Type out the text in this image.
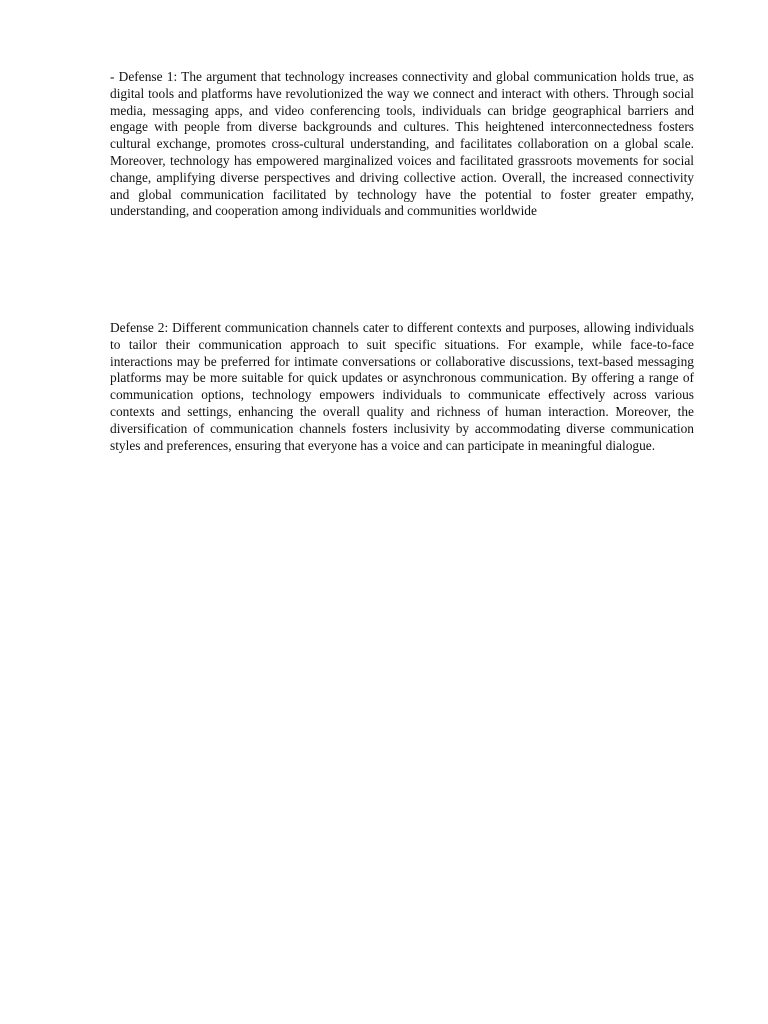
- Defense 1: The argument that technology increases connectivity and global communication holds true, as digital tools and platforms have revolutionized the way we connect and interact with others. Through social media, messaging apps, and video conferencing tools, individuals can bridge geographical barriers and engage with people from diverse backgrounds and cultures. This heightened interconnectedness fosters cultural exchange, promotes cross-cultural understanding, and facilitates collaboration on a global scale. Moreover, technology has empowered marginalized voices and facilitated grassroots movements for social change, amplifying diverse perspectives and driving collective action. Overall, the increased connectivity and global communication facilitated by technology have the potential to foster greater empathy, understanding, and cooperation among individuals and communities worldwide

Defense 2: Different communication channels cater to different contexts and purposes, allowing individuals to tailor their communication approach to suit specific situations. For example, while face-to-face interactions may be preferred for intimate conversations or collaborative discussions, text-based messaging platforms may be more suitable for quick updates or asynchronous communication. By offering a range of communication options, technology empowers individuals to communicate effectively across various contexts and settings, enhancing the overall quality and richness of human interaction. Moreover, the diversification of communication channels fosters inclusivity by accommodating diverse communication styles and preferences, ensuring that everyone has a voice and can participate in meaningful dialogue.
